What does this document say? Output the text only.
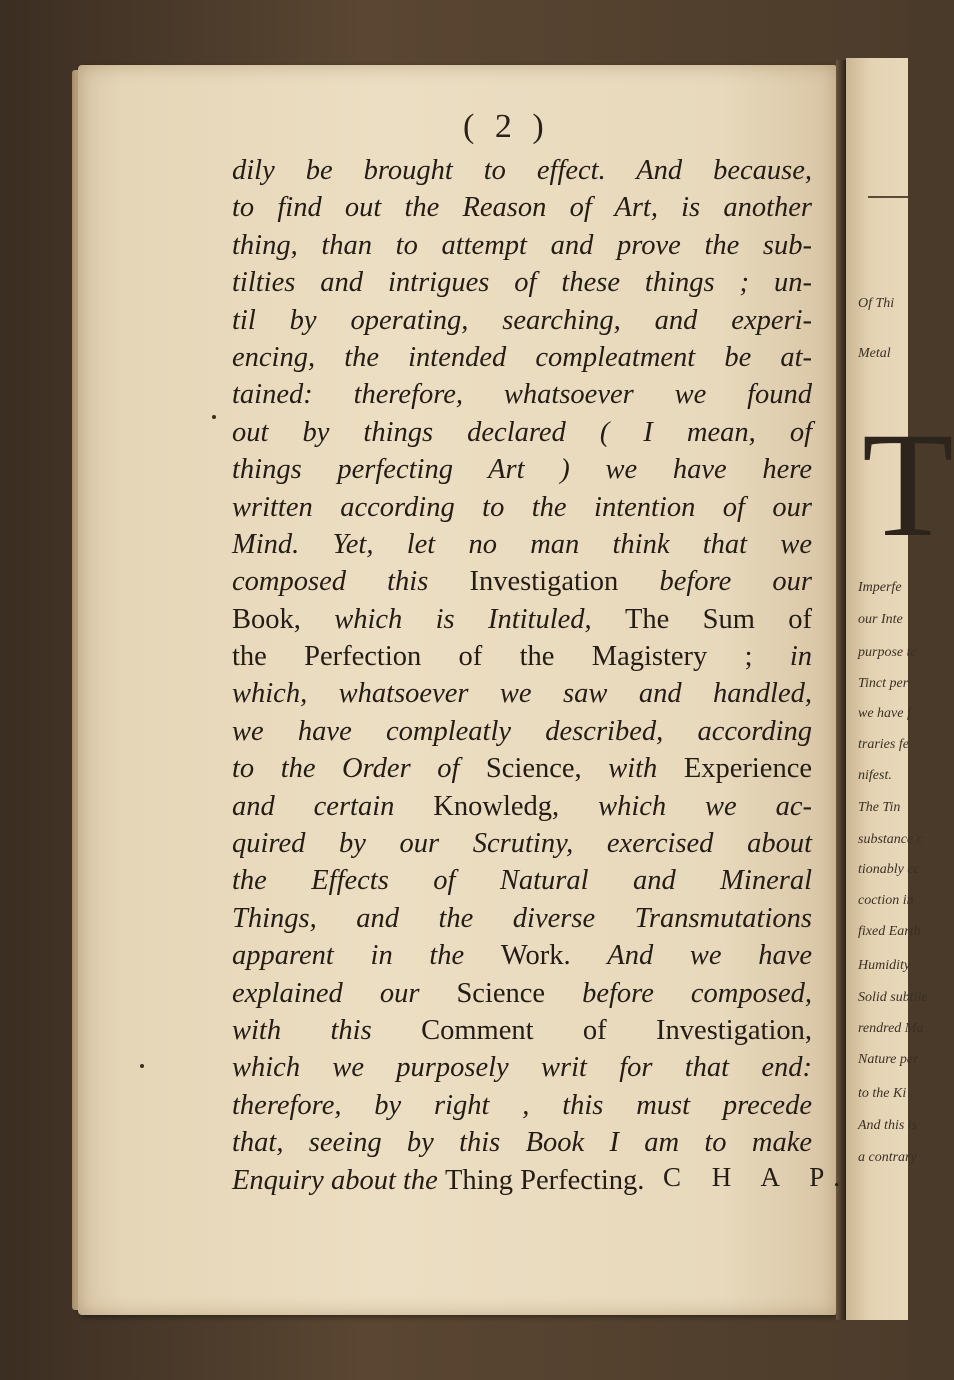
T
Of Thi
Metal
Imperfe
our Inte
purpose tc
Tinct per
we have f
traries fe
nifest.
The Tin
substance c
tionably cc
coction in
fixed Earth
Humidity
Solid subtile
rendred Ma
Nature per
to the Ki
And this is
a contrary
( 2 )
dily be brought to effect. And because,
to find out the Reason of Art, is another
thing, than to attempt and prove the sub-
tilties and intrigues of these things ; un-
til by operating, searching, and experi-
encing, the intended compleatment be at-
tained: therefore, whatsoever we found
out by things declared ( I mean, of
things perfecting Art ) we have here
written according to the intention of our
Mind. Yet, let no man think that we
composed this Investigation before our
Book, which is Intituled, The Sum of
the Perfection of the Magistery ; in
which, whatsoever we saw and handled,
we have compleatly described, according
to the Order of Science, with Experience
and certain Knowledg, which we ac-
quired by our Scrutiny, exercised about
the Effects of Natural and Mineral
Things, and the diverse Transmutations
apparent in the Work. And we have
explained our Science before composed,
with this Comment of Investigation,
which we purposely writ for that end:
therefore, by right , this must precede
that, seeing by this Book I am to make
Enquiry about the Thing Perfecting. C H A P.
